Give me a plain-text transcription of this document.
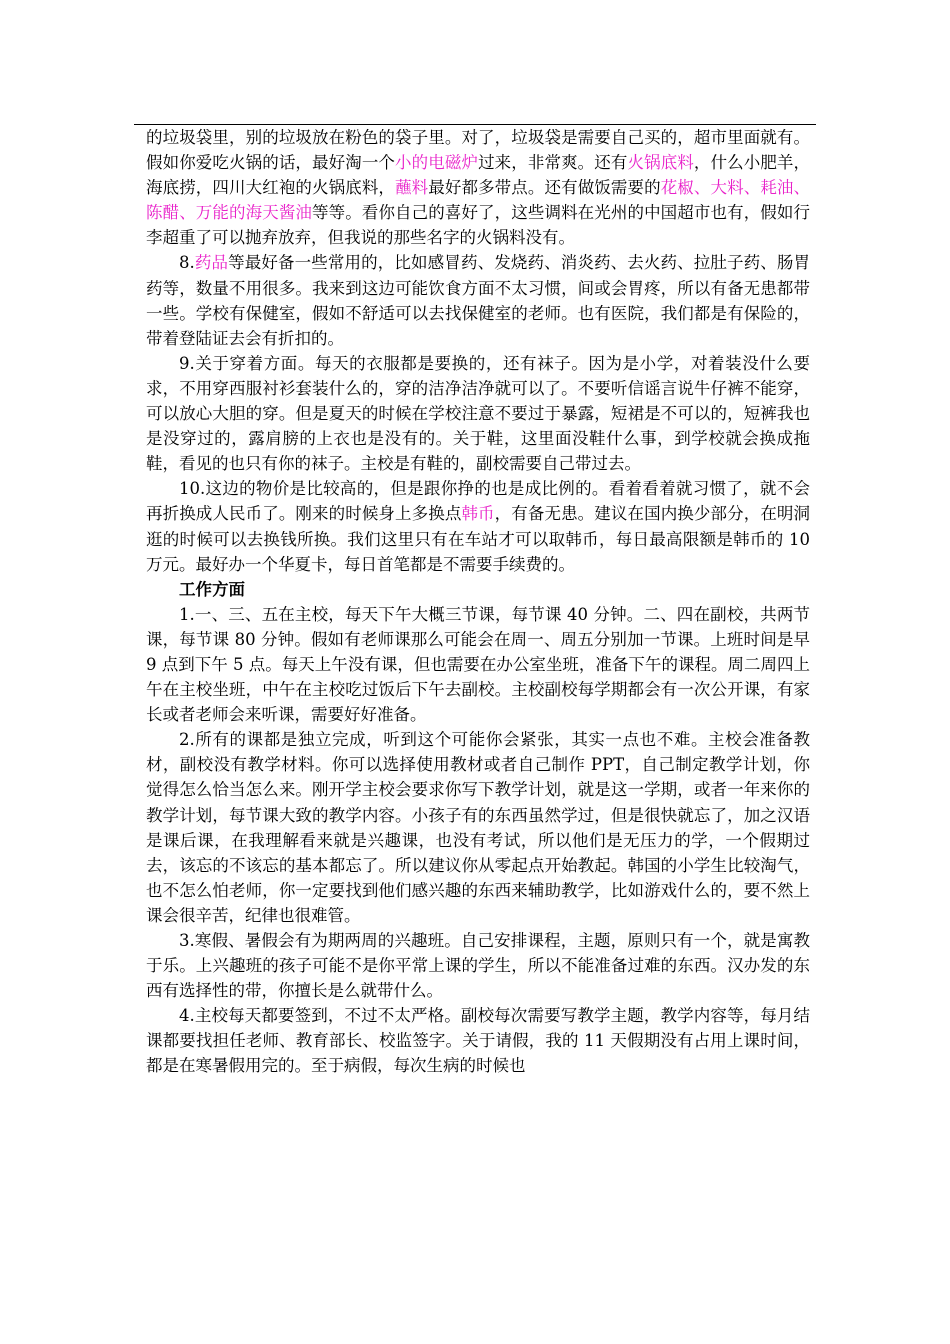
的垃圾袋里，别的垃圾放在粉色的袋子里。对了，垃圾袋是需要自己买的，超市里面就有。假如你爱吃火锅的话，最好淘一个小的电磁炉过来，非常爽。还有火锅底料，什么小肥羊，海底捞，四川大红袍的火锅底料，蘸料最好都多带点。还有做饭需要的花椒、大料、耗油、陈醋、万能的海天酱油等等。看你自己的喜好了，这些调料在光州的中国超市也有，假如行李超重了可以抛弃放弃，但我说的那些名字的火锅料没有。

8.药品等最好备一些常用的，比如感冒药、发烧药、消炎药、去火药、拉肚子药、肠胃药等，数量不用很多。我来到这边可能饮食方面不太习惯，间或会胃疼，所以有备无患都带一些。学校有保健室，假如不舒适可以去找保健室的老师。也有医院，我们都是有保险的，带着登陆证去会有折扣的。

9.关于穿着方面。每天的衣服都是要换的，还有袜子。因为是小学，对着装没什么要求，不用穿西服衬衫套装什么的，穿的洁净洁净就可以了。不要听信谣言说牛仔裤不能穿，可以放心大胆的穿。但是夏天的时候在学校注意不要过于暴露，短裙是不可以的，短裤我也是没穿过的，露肩膀的上衣也是没有的。关于鞋，这里面没鞋什么事，到学校就会换成拖鞋，看见的也只有你的袜子。主校是有鞋的，副校需要自己带过去。

10.这边的物价是比较高的，但是跟你挣的也是成比例的。看着看着就习惯了，就不会再折换成人民币了。刚来的时候身上多换点韩币，有备无患。建议在国内换少部分，在明洞逛的时候可以去换钱所换。我们这里只有在车站才可以取韩币，每日最高限额是韩币的 10 万元。最好办一个华夏卡，每日首笔都是不需要手续费的。

工作方面

1.一、三、五在主校，每天下午大概三节课，每节课 40 分钟。二、四在副校，共两节课，每节课 80 分钟。假如有老师课那么可能会在周一、周五分别加一节课。上班时间是早 9 点到下午 5 点。每天上午没有课，但也需要在办公室坐班，准备下午的课程。周二周四上午在主校坐班，中午在主校吃过饭后下午去副校。主校副校每学期都会有一次公开课，有家长或者老师会来听课，需要好好准备。

2.所有的课都是独立完成，听到这个可能你会紧张，其实一点也不难。主校会准备教材，副校没有教学材料。你可以选择使用教材或者自己制作 PPT，自己制定教学计划，你觉得怎么恰当怎么来。刚开学主校会要求你写下教学计划，就是这一学期，或者一年来你的教学计划，每节课大致的教学内容。小孩子有的东西虽然学过，但是很快就忘了，加之汉语是课后课，在我理解看来就是兴趣课，也没有考试，所以他们是无压力的学，一个假期过去，该忘的不该忘的基本都忘了。所以建议你从零起点开始教起。韩国的小学生比较淘气，也不怎么怕老师，你一定要找到他们感兴趣的东西来辅助教学，比如游戏什么的，要不然上课会很辛苦，纪律也很难管。

3.寒假、暑假会有为期两周的兴趣班。自己安排课程，主题，原则只有一个，就是寓教于乐。上兴趣班的孩子可能不是你平常上课的学生，所以不能准备过难的东西。汉办发的东西有选择性的带，你擅长是么就带什么。

4.主校每天都要签到，不过不太严格。副校每次需要写教学主题，教学内容等，每月结课都要找担任老师、教育部长、校监签字。关于请假，我的 11 天假期没有占用上课时间，都是在寒暑假用完的。至于病假，每次生病的时候也
